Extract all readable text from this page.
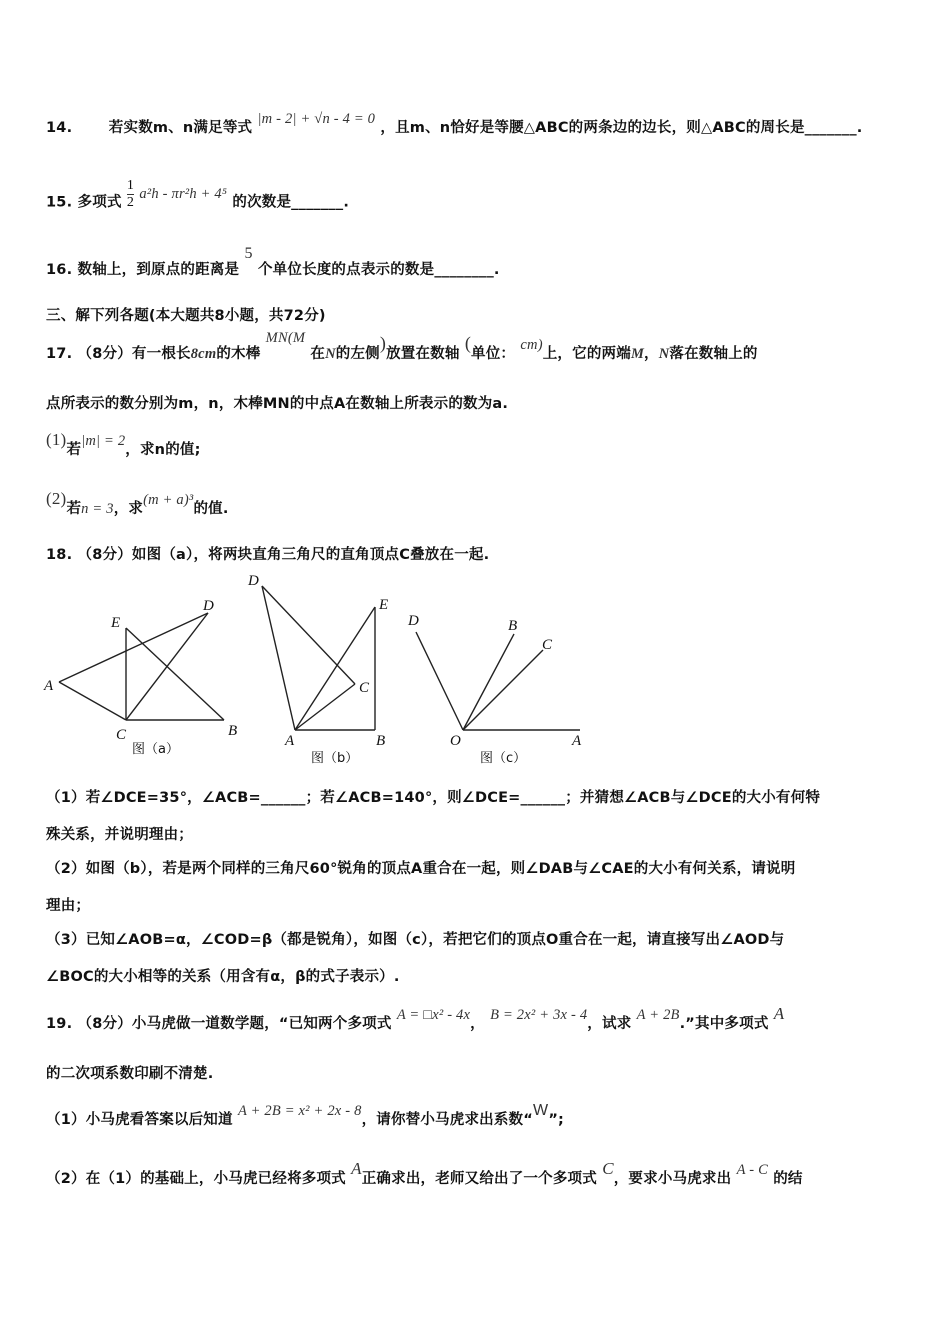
14.	若实数m、n满足等式 |m - 2| + √n - 4 = 0 ，且m、n恰好是等腰△ABC的两条边的边长，则△ABC的周长是_______.
15. 多项式 $\frac{1}{2} a^2h - \pi r^2h + 4^5$ 的次数是_______.
16. 数轴上，到原点的距离是 5 个单位长度的点表示的数是________.
三、解下列各题(本大题共8小题，共72分)
17. （8分）有一根长8cm的木棒 MN(M 在N的左侧)放置在数轴 (单位： cm)上，它的两端M，N落在数轴上的
点所表示的数分别为m，n，木棒MN的中点A在数轴上所表示的数为a.
(1)若|m| = 2，求n的值;
(2)若n = 3，求(m + a)³的值.
18. （8分）如图（a），将两块直角三角尺的直角顶点C叠放在一起.
A
E
D
C	B
D
E
C
A	B
D	B
C
O	A
图（a）
图（b）	图（c）
（1）若∠DCE=35°，∠ACB=______；若∠ACB=140°，则∠DCE=______；并猜想∠ACB与∠DCE的大小有何特
殊关系，并说明理由；
（2）如图（b），若是两个同样的三角尺60°锐角的顶点A重合在一起，则∠DAB与∠CAE的大小有何关系，请说明
理由；
（3）已知∠AOB=α，∠COD=β（都是锐角），如图（c），若把它们的顶点O重合在一起，请直接写出∠AOD与
∠BOC的大小相等的关系（用含有α，β的式子表示）.
19. （8分）小马虎做一道数学题，“已知两个多项式 A = □x² - 4x， B = 2x² + 3x - 4，试求 A + 2B.”其中多项式 A
的二次项系数印刷不清楚.
（1）小马虎看答案以后知道 A + 2B = x² + 2x - 8，请你替小马虎求出系数“W”;
（2）在（1）的基础上，小马虎已经将多项式 A正确求出，老师又给出了一个多项式 C，要求小马虎求出 A - C 的结
